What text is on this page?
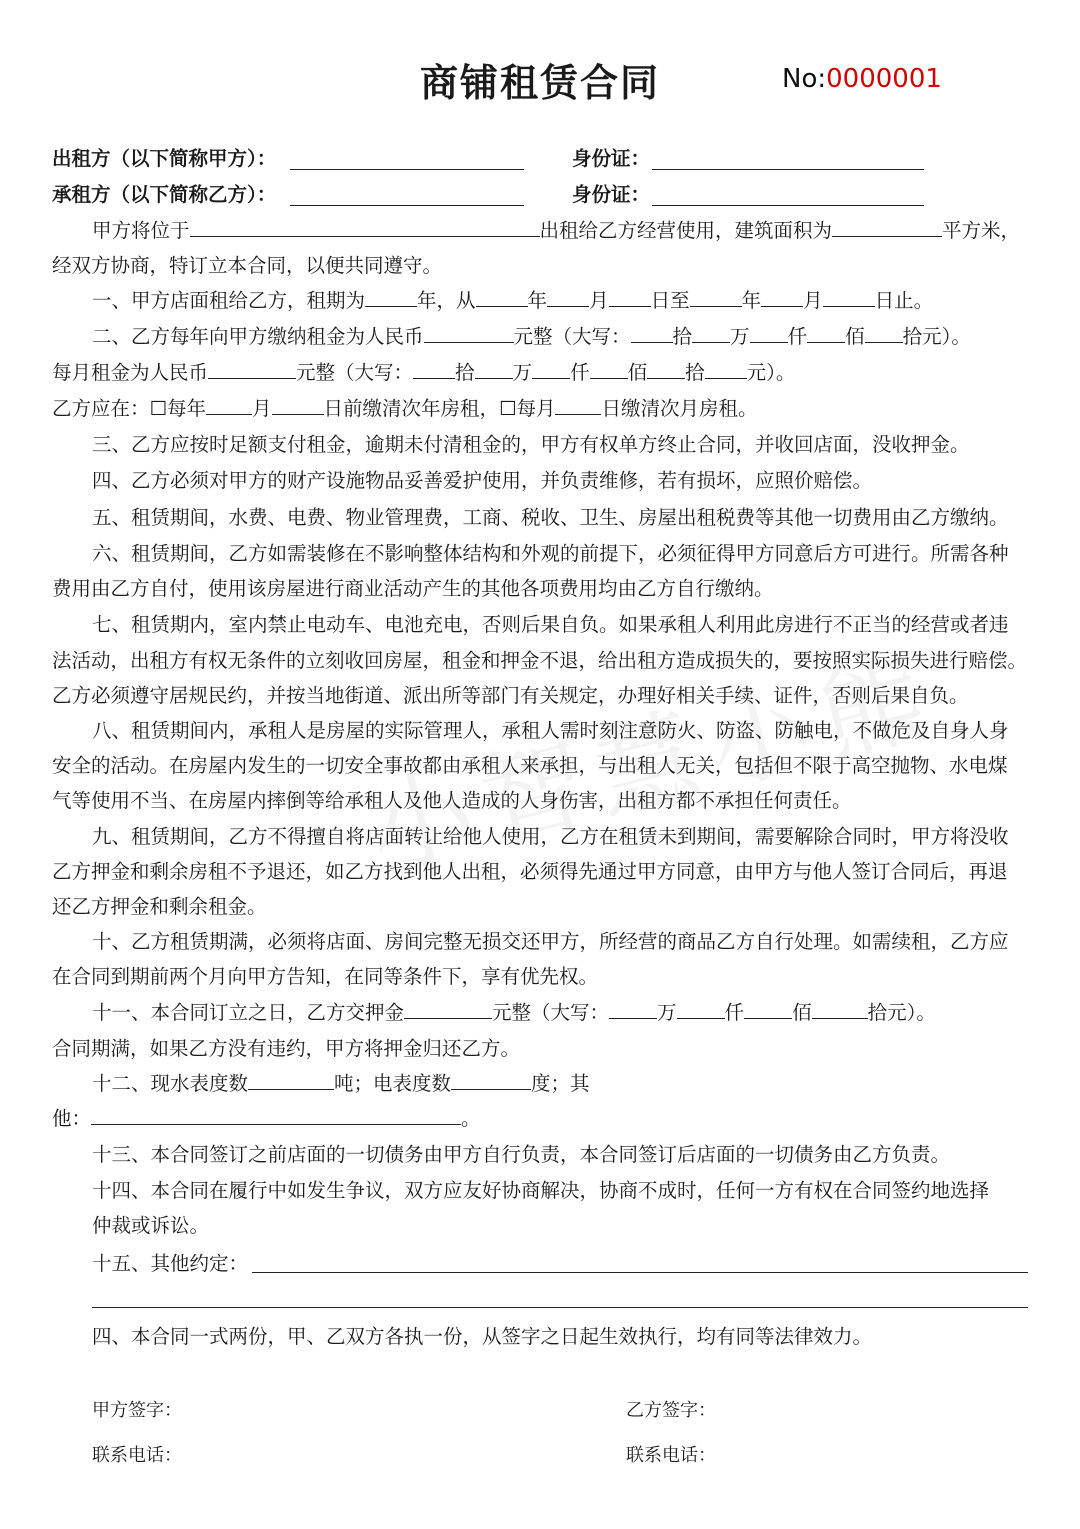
商铺租赁合同	No:0000001
出租方（以下简称甲方）：	身份证：
承租方（以下简称乙方）：	身份证：
甲方将位于	出租给乙方经营使用，建筑面积为	平方米，
经双方协商，特订立本合同，以便共同遵守。
一、甲方店面租给乙方，租期为	年，从	年 月 日至	年 月	日止。
二、乙方每年向甲方缴纳租金为人民币	元整（大写： 拾 万 仟 佰 拾元）。
每月租金为人民币	元整（大写： 拾 万 仟 佰 拾 元）。
乙方应在：☐每年 月	日前缴清次年房租，☐每月 日缴清次月房租。
三、乙方应按时足额支付租金，逾期未付清租金的，甲方有权单方终止合同，并收回店面，没收押金。
四、乙方必须对甲方的财产设施物品妥善爱护使用，并负责维修，若有损坏，应照价赔偿。
五、租赁期间，水费、电费、物业管理费，工商、税收、卫生、房屋出租税费等其他一切费用由乙方缴纳。
六、租赁期间，乙方如需装修在不影响整体结构和外观的前提下，必须征得甲方同意后方可进行。所需各种
费用由乙方自付，使用该房屋进行商业活动产生的其他各项费用均由乙方自行缴纳。
七、租赁期内，室内禁止电动车、电池充电，否则后果自负。如果承租人利用此房进行不正当的经营或者违
法活动，出租方有权无条件的立刻收回房屋，租金和押金不退，给出租方造成损失的，要按照实际损失进行赔偿。
乙方必须遵守居规民约，并按当地街道、派出所等部门有关规定，办理好相关手续、证件，否则后果自负。
八、租赁期间内，承租人是房屋的实际管理人，承租人需时刻注意防火、防盗、防触电，不做危及自身人身
安全的活动。在房屋内发生的一切安全事故都由承租人来承担，与出租人无关，包括但不限于高空抛物、水电煤
气等使用不当、在房屋内摔倒等给承租人及他人造成的人身伤害，出租方都不承担任何责任。
九、租赁期间，乙方不得擅自将店面转让给他人使用，乙方在租赁未到期间，需要解除合同时，甲方将没收
乙方押金和剩余房租不予退还，如乙方找到他人出租，必须得先通过甲方同意，由甲方与他人签订合同后，再退
还乙方押金和剩余租金。
十、乙方租赁期满，必须将店面、房间完整无损交还甲方，所经营的商品乙方自行处理。如需续租，乙方应
在合同到期前两个月向甲方告知，在同等条件下，享有优先权。
十一、本合同订立之日，乙方交押金	元整（大写： 万 仟 佰	拾元）。
合同期满，如果乙方没有违约，甲方将押金归还乙方。
十二、现水表度数	吨；电表度数	度；其
他：	。
十三、本合同签订之前店面的一切债务由甲方自行负责，本合同签订后店面的一切债务由乙方负责。
十四、本合同在履行中如发生争议，双方应友好协商解决，协商不成时，任何一方有权在合同签约地选择
仲裁或诉讼。
十五、其他约定：
四、本合同一式两份，甲、乙双方各执一份，从签字之日起生效执行，均有同等法律效力。
甲方签字：	乙方签字：
联系电话：	联系电话：
